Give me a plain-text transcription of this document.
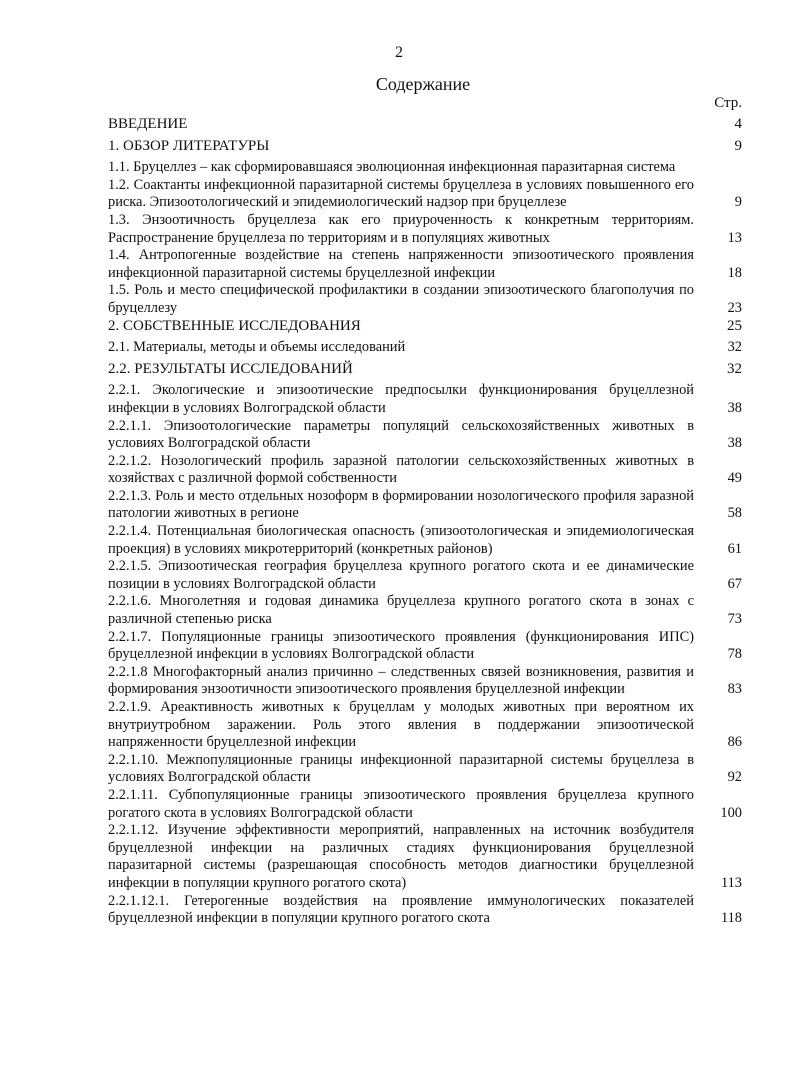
2
Содержание
Стр.
ВВЕДЕНИЕ	4
1. ОБЗОР ЛИТЕРАТУРЫ	9
1.1. Бруцеллез – как сформировавшаяся эволюционная инфекционная паразитарная система
1.2. Соактанты инфекционной паразитарной системы бруцеллеза в условиях повышенного его риска. Эпизоотологический и эпидемиологический надзор при бруцеллезе	9
1.3. Энзоотичность бруцеллеза как его приуроченность к конкретным территориям. Распространение бруцеллеза по территориям и в популяциях животных	13
1.4. Антропогенные воздействие на степень напряженности эпизоотического проявления инфекционной паразитарной системы бруцеллезной инфекции	18
1.5. Роль и место специфической профилактики в создании эпизоотического благополучия по бруцеллезу	23
2. СОБСТВЕННЫЕ ИССЛЕДОВАНИЯ	25
2.1. Материалы, методы и объемы исследований	32
2.2. РЕЗУЛЬТАТЫ ИССЛЕДОВАНИЙ	32
2.2.1. Экологические и эпизоотические предпосылки функционирования бруцеллезной инфекции в условиях Волгоградской области	38
2.2.1.1. Эпизоотологические параметры популяций сельскохозяйственных животных в условиях Волгоградской области	38
2.2.1.2. Нозологический профиль заразной патологии сельскохозяйственных животных в хозяйствах с различной формой собственности	49
2.2.1.3. Роль и место отдельных нозоформ в формировании нозологического профиля заразной патологии животных в регионе	58
2.2.1.4. Потенциальная биологическая опасность (эпизоотологическая и эпидемиологическая проекция) в условиях микротерриторий (конкретных районов)	61
2.2.1.5. Эпизоотическая география бруцеллеза крупного рогатого скота и ее динамические позиции в условиях Волгоградской области	67
2.2.1.6. Многолетняя и годовая динамика бруцеллеза крупного рогатого скота в зонах с различной степенью риска	73
2.2.1.7. Популяционные границы эпизоотического проявления (функционирования ИПС) бруцеллезной инфекции в условиях Волгоградской области	78
2.2.1.8 Многофакторный анализ причинно – следственных связей возникновения, развития и формирования энзоотичности эпизоотического проявления бруцеллезной инфекции	83
2.2.1.9. Ареактивность животных к бруцеллам у молодых животных при вероятном их внутриутробном заражении. Роль этого явления в поддержании эпизоотической напряженности бруцеллезной инфекции	86
2.2.1.10. Межпопуляционные границы инфекционной паразитарной системы бруцеллеза в условиях Волгоградской области	92
2.2.1.11. Субпопуляционные границы эпизоотического проявления бруцеллеза крупного рогатого скота в условиях Волгоградской области	100
2.2.1.12. Изучение эффективности мероприятий, направленных на источник возбудителя бруцеллезной инфекции на различных стадиях функционирования бруцеллезной паразитарной системы (разрешающая способность методов диагностики бруцеллезной инфекции в популяции крупного рогатого скота)	113
2.2.1.12.1. Гетерогенные воздействия на проявление иммунологических показателей бруцеллезной инфекции в популяции крупного рогатого скота	118
